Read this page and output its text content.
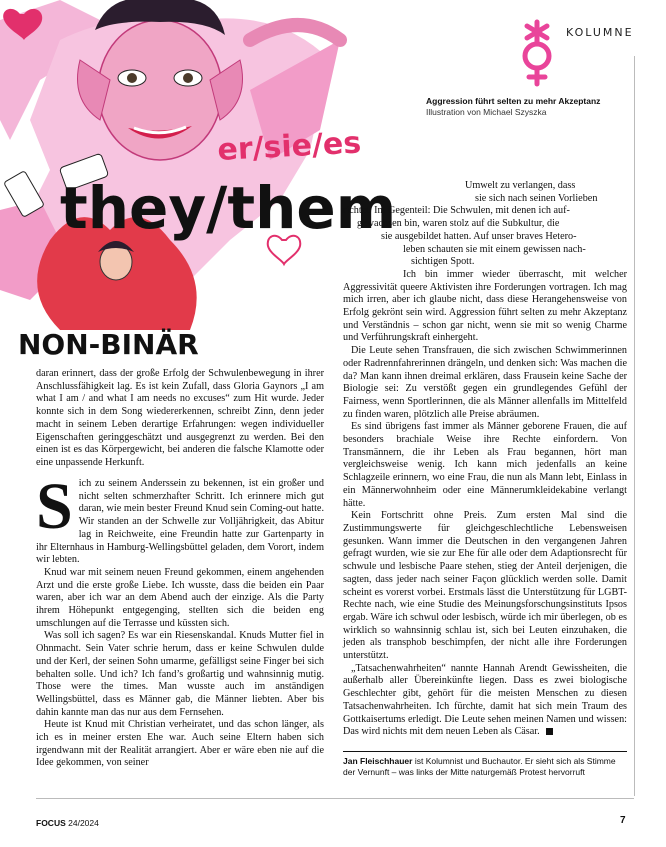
er/sie/es
they/them
NON-BINÄR
KOLUMNE
Aggression führt selten zu mehr Akzeptanz
Illustration von Michael Szyszka

daran erinnert, dass der große Erfolg der Schwulenbewegung in ihrer Anschlussfähigkeit lag. Es ist kein Zufall, dass Gloria Gaynors „I am what I am / and what I am needs no excuses“ zum Hit wurde. Jeder konnte sich in dem Song wiedererkennen, schreibt Zinn, denn jeder macht in seinem Leben derartige Erfahrungen: wegen individueller Eigenschaften geringgeschätzt und ausgegrenzt zu werden. Bei den einen ist es das Körpergewicht, bei anderen die falsche Klamotte oder eine unpassende Herkunft.

Sich zu seinem Anderssein zu bekennen, ist ein großer und nicht selten schmerzhafter Schritt. Ich erinnere mich gut daran, wie mein bester Freund Knud sein Coming-out hatte. Wir standen an der Schwelle zur Volljährigkeit, das Abitur lag in Reichweite, eine Freundin hatte zur Gartenparty in ihr Elternhaus in Hamburg-Wellingsbüttel geladen, dem Vorort, indem wir lebten.

Knud war mit seinem neuen Freund gekommen, einem angehenden Arzt und die erste große Liebe. Ich wusste, dass die beiden ein Paar waren, aber ich war an dem Abend auch der einzige. Als die Party ihrem Höhepunkt entgegenging, stellten sich die beiden eng umschlungen auf die Terrasse und küssten sich.

Was soll ich sagen? Es war ein Riesenskandal. Knuds Mutter fiel in Ohnmacht. Sein Vater schrie herum, dass er keine Schwulen dulde und der Kerl, der seinen Sohn umarme, gefälligst seine Finger bei sich behalten solle. Und ich? Ich fand’s großartig und wahnsinnig mutig. Those were the times. Man wusste auch im anständigen Wellingsbüttel, dass es Männer gab, die Männer liebten. Aber bis dahin kannte man das nur aus dem Fernsehen.

Heute ist Knud mit Christian verheiratet, und das schon länger, als ich es in meiner ersten Ehe war. Auch seine Eltern haben sich irgendwann mit der Realität arrangiert. Aber er wäre eben nie auf die Idee gekommen, von seiner

Umwelt zu verlangen, dass

sie sich nach seinen Vorlieben

richtet. Im Gegenteil: Die Schwulen, mit denen ich auf-

gewachsen bin, waren stolz auf die Subkultur, die

sie ausgebildet hatten. Auf unser braves Hetero-

leben schauten sie mit einem gewissen nach-

sichtigen Spott.

Ich bin immer wieder überrascht, mit welcher Aggressivität queere Aktivisten ihre Forderungen vortragen. Ich mag mich irren, aber ich glaube nicht, dass diese Herangehensweise von Erfolg gekrönt sein wird. Aggression führt selten zu mehr Akzeptanz und Verständnis – schon gar nicht, wenn sie mit so wenig Charme und Verführungskraft einhergeht.

Die Leute sehen Transfrauen, die sich zwischen Schwimmerinnen oder Radrennfahrerinnen drängeln, und denken sich: Was machen die da? Man kann ihnen dreimal erklären, dass Frausein keine Sache der Biologie sei: Zu verstößt gegen ein grundlegendes Gefühl der Fairness, wenn Sportlerinnen, die als Männer allenfalls im Mittelfeld zu finden waren, plötzlich alle Preise abräumen.

Es sind übrigens fast immer als Männer geborene Frauen, die auf besonders brachiale Weise ihre Rechte einfordern. Von Transmännern, die ihr Leben als Frau begannen, hört man vergleichsweise wenig. Ich kann mich jedenfalls an keine Schlagzeile erinnern, wo eine Frau, die nun als Mann lebt, Einlass in ein Männerwohnheim oder eine Männerumkleidekabine verlangt hätte.

Kein Fortschritt ohne Preis. Zum ersten Mal sind die Zustimmungswerte für gleichgeschlechtliche Lebensweisen gesunken. Wann immer die Deutschen in den vergangenen Jahren gefragt wurden, wie sie zur Ehe für alle oder dem Adaptionsrecht für schwule und lesbische Paare stehen, stieg der Anteil derjenigen, die sagten, dass jeder nach seiner Façon glücklich werden solle. Damit scheint es vorerst vorbei. Erstmals lässt die Unterstützung für LGBT-Rechte nach, wie eine Studie des Meinungsforschungsinstituts Ipsos ergab. Wäre ich schwul oder lesbisch, würde ich mir überlegen, ob es wirklich so wahnsinnig schlau ist, sich bei Leuten einzuhaken, die jeden als transphob beschimpfen, der nicht alle ihre Forderungen unterstützt.

„Tatsachenwahrheiten“ nannte Hannah Arendt Gewissheiten, die außerhalb aller Übereinkünfte liegen. Dass es zwei biologische Geschlechter gibt, gehört für die meisten Menschen zu diesen Tatsachenwahrheiten. Ich fürchte, damit hat sich mein Traum des Gottkaisertums erledigt. Die Leute sehen meinen Namen und wissen: Das wird nichts mit dem neuen Leben als Cäsar.

Jan Fleischhauer ist Kolumnist und Buchautor. Er sieht sich als Stimme der Vernunft – was links der Mitte naturgemäß Protest hervorruft
FOCUS 24/2024	7
